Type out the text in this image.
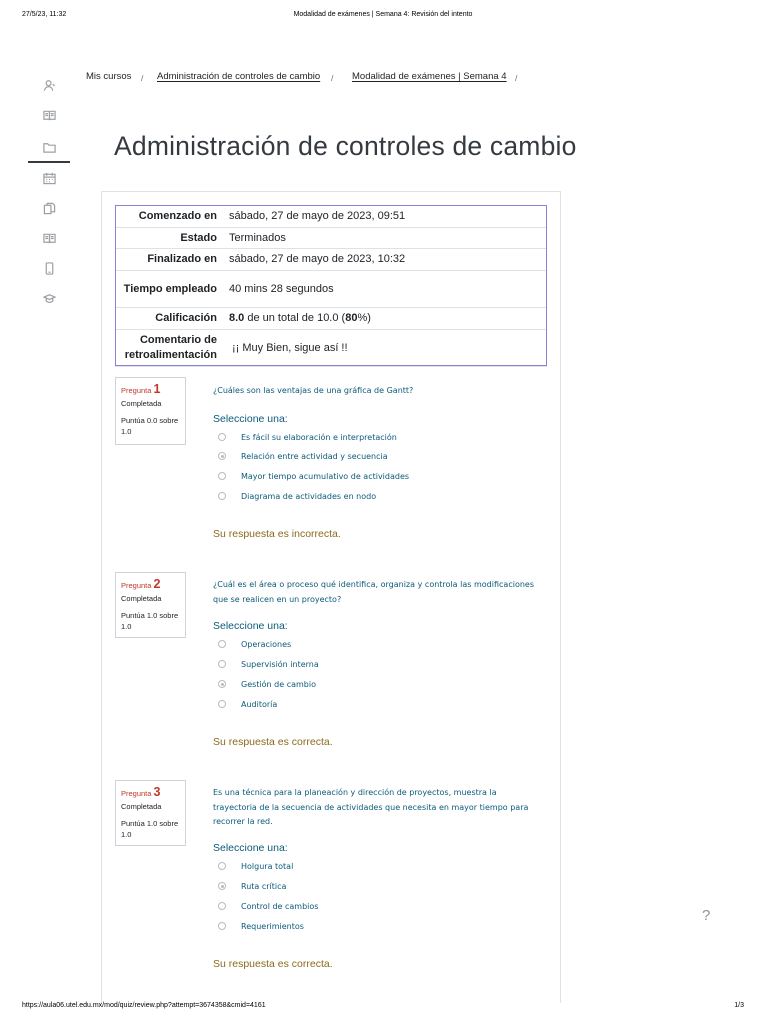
27/5/23, 11:32	Modalidad de exámenes | Semana 4: Revisión del intento
Mis cursos / Administración de controles de cambio / Modalidad de exámenes | Semana 4 /
Administración de controles de cambio
Comenzado en	sábado, 27 de mayo de 2023, 09:51
Estado	Terminados
Finalizado en	sábado, 27 de mayo de 2023, 10:32
Tiempo empleado	40 mins 28 segundos
Calificación	8.0 de un total de 10.0 (80%)
Comentario de retroalimentación	¡¡ Muy Bien, sigue así !!
Pregunta 1
Completada
Puntúa 0.0 sobre 1.0
¿Cuáles son las ventajas de una gráfica de Gantt?
Seleccione una:
Es fácil su elaboración e interpretación
Relación entre actividad y secuencia
Mayor tiempo acumulativo de actividades
Diagrama de actividades en nodo
Su respuesta es incorrecta.
Pregunta 2
Completada
Puntúa 1.0 sobre 1.0
¿Cuál es el área o proceso qué identifica, organiza y controla las modificaciones que se realicen en un proyecto?
Seleccione una:
Operaciones
Supervisión interna
Gestión de cambio
Auditoría
Su respuesta es correcta.
Pregunta 3
Completada
Puntúa 1.0 sobre 1.0
Es una técnica para la planeación y dirección de proyectos, muestra la trayectoria de la secuencia de actividades que necesita en mayor tiempo para recorrer la red.
Seleccione una:
Holgura total
Ruta crítica
Control de cambios
Requerimientos
Su respuesta es correcta.
?
https://aula06.utel.edu.mx/mod/quiz/review.php?attempt=3674358&cmid=4161	1/3
